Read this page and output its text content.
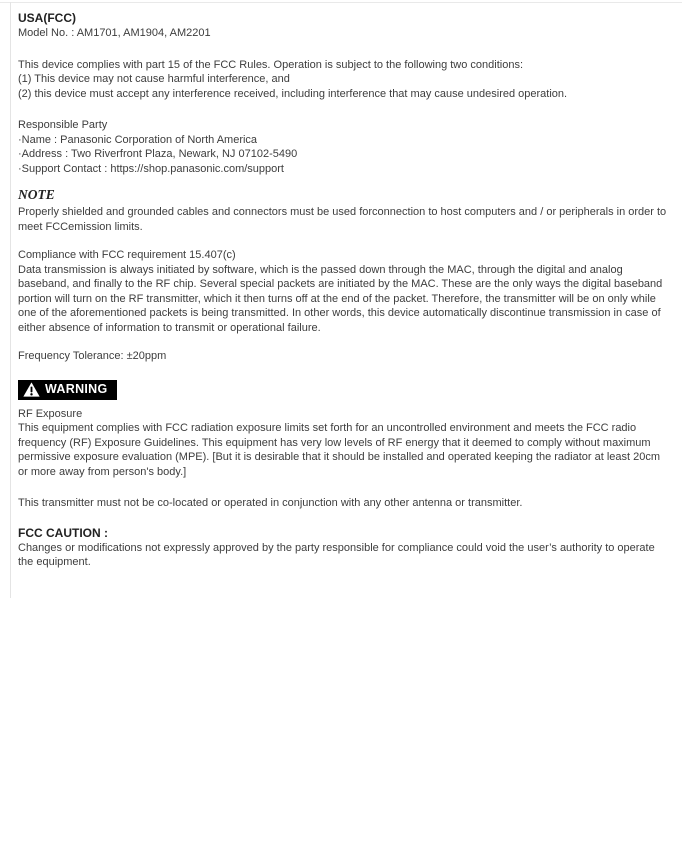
USA(FCC)

Model No. : AM1701, AM1904, AM2201

This device complies with part 15 of the FCC Rules. Operation is subject to the following two conditions:
(1) This device may not cause harmful interference, and
(2) this device must accept any interference received, including interference that may cause undesired operation.
Responsible Party
·Name : Panasonic Corporation of North America
·Address : Two Riverfront Plaza, Newark, NJ 07102-5490
·Support Contact : https://shop.panasonic.com/support

NOTE

Properly shielded and grounded cables and connectors must be used forconnection to host computers and / or peripherals in order to meet FCCemission limits.

Compliance with FCC requirement 15.407(c)
Data transmission is always initiated by software, which is the passed down through the MAC, through the digital and analog baseband, and finally to the RF chip. Several special packets are initiated by the MAC. These are the only ways the digital baseband portion will turn on the RF transmitter, which it then turns off at the end of the packet. Therefore, the transmitter will be on only while one of the aforementioned packets is being transmitted. In other words, this device automatically discontinue transmission in case of either absence of information to transmit or operational failure.

Frequency Tolerance: ±20ppm

WARNING

RF Exposure

This equipment complies with FCC radiation exposure limits set forth for an uncontrolled environment and meets the FCC radio frequency (RF) Exposure Guidelines. This equipment has very low levels of RF energy that it deemed to comply without maximum permissive exposure evaluation (MPE). [But it is desirable that it should be installed and operated keeping the radiator at least 20cm or more away from person's body.]

This transmitter must not be co-located or operated in conjunction with any other antenna or transmitter.

FCC CAUTION :

Changes or modifications not expressly approved by the party responsible for compliance could void the user’s authority to operate the equipment.
